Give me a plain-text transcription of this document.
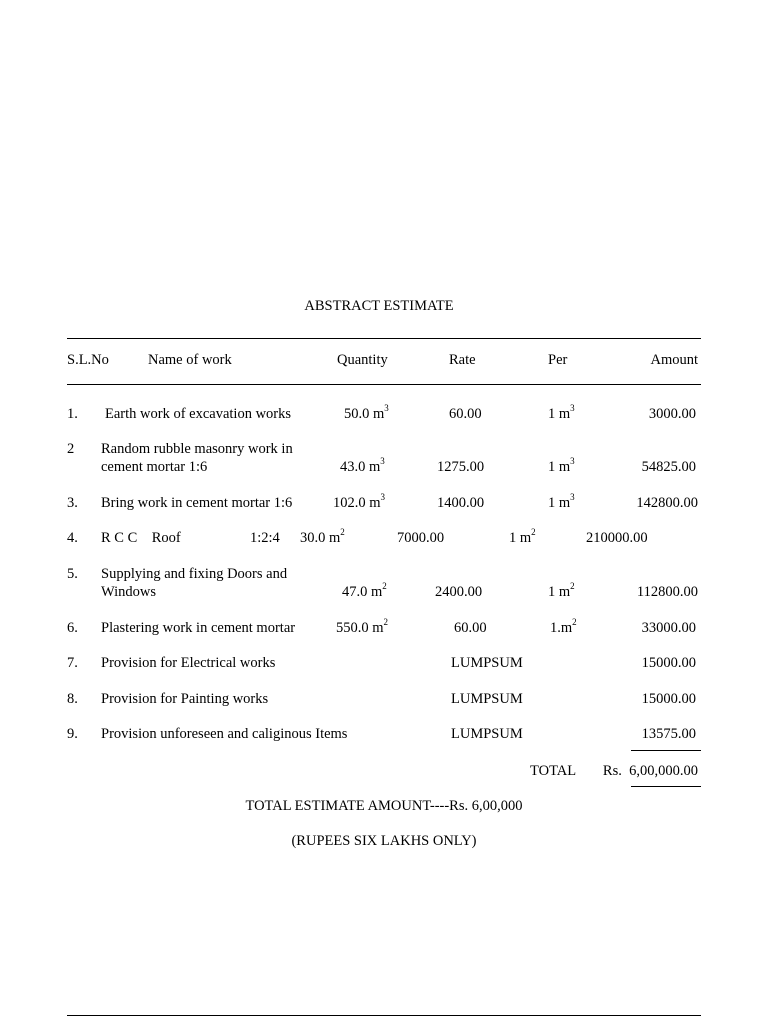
ABSTRACT ESTIMATE
S.L.No	Name of work	Quantity	Rate	Per	Amount
1. Earth work of excavation works	50.0 $m^3$	60.00	1 $m^3$	3000.00
2 Random rubble masonry work in
cement mortar 1:6	43.0 $m^3$	1275.00	1 $m^3$	54825.00
3. Bring work in cement mortar 1:6	102.0 $m^3$	1400.00	1 $m^3$	142800.00
4. R C C    Roof	1:2:4 30.0 $m^2$	7000.00	1 $m^2$	210000.00
5. Supplying and fixing Doors and
Windows	47.0 $m^2$	2400.00	1 $m^2$	112800.00
6. Plastering work in cement mortar	550.0 $m^2$	60.00	$1.m^2$	33000.00
7. Provision for Electrical works	LUMPSUM	15000.00
8. Provision for Painting works	LUMPSUM	15000.00
9. Provision unforeseen and caliginous Items	LUMPSUM	13575.00
TOTAL Rs.  6,00,000.00
TOTAL ESTIMATE AMOUNT----Rs. 6,00,000
(RUPEES SIX LAKHS ONLY)
